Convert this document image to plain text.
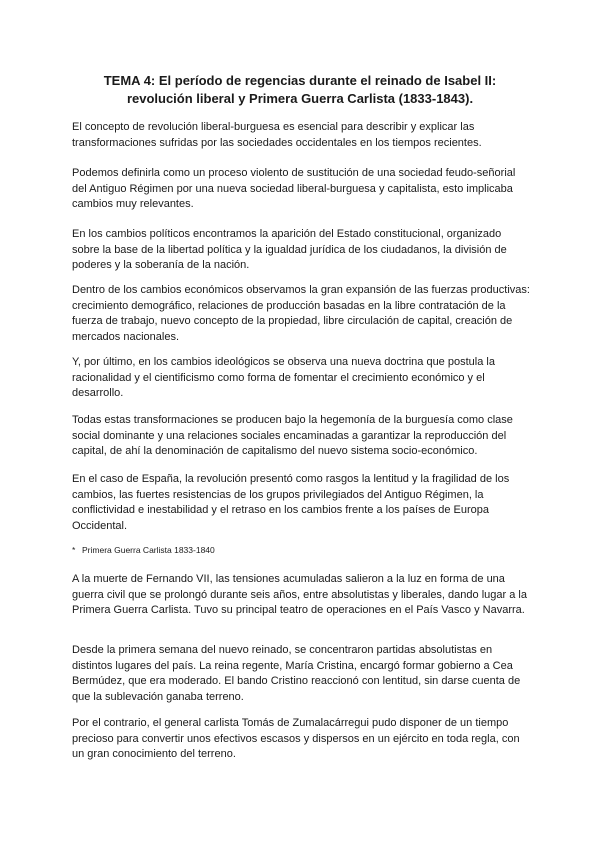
TEMA 4: El período de regencias durante el reinado de Isabel II: revolución liberal y Primera Guerra Carlista (1833-1843).

El concepto de revolución liberal-burguesa es esencial para describir y explicar las transformaciones sufridas por las sociedades occidentales en los tiempos recientes.

Podemos definirla como un proceso violento de sustitución de una sociedad feudo-señorial del Antiguo Régimen por una nueva sociedad liberal-burguesa y capitalista, esto implicaba cambios muy relevantes.

En los cambios políticos encontramos la aparición del Estado constitucional, organizado sobre la base de la libertad política y la igualdad jurídica de los ciudadanos, la división de poderes y la soberanía de la nación.

Dentro de los cambios económicos observamos la gran expansión de las fuerzas productivas: crecimiento demográfico, relaciones de producción basadas en la libre contratación de la fuerza de trabajo, nuevo concepto de la propiedad, libre circulación de capital, creación de mercados nacionales.

Y, por último, en los cambios ideológicos se observa una nueva doctrina que postula la racionalidad y el cientificismo como forma de fomentar el crecimiento económico y el desarrollo.

Todas estas transformaciones se producen bajo la hegemonía de la burguesía como clase social dominante y una relaciones sociales encaminadas a garantizar la reproducción del capital, de ahí la denominación de capitalismo del nuevo sistema socio-económico.

En el caso de España, la revolución presentó como rasgos la lentitud y la fragilidad de los cambios, las fuertes resistencias de los grupos privilegiados del Antiguo Régimen, la conflictividad e inestabilidad y el retraso en los cambios frente a los países de Europa Occidental.

* Primera Guerra Carlista 1833-1840

A la muerte de Fernando VII, las tensiones acumuladas salieron a la luz en forma de una guerra civil que se prolongó durante seis años, entre absolutistas y liberales, dando lugar a la Primera Guerra Carlista. Tuvo su principal teatro de operaciones en el País Vasco y Navarra.

Desde la primera semana del nuevo reinado, se concentraron partidas absolutistas en distintos lugares del país. La reina regente, María Cristina, encargó formar gobierno a Cea Bermúdez, que era moderado. El bando Cristino reaccionó con lentitud, sin darse cuenta de que la sublevación ganaba terreno.

Por el contrario, el general carlista Tomás de Zumalacárregui pudo disponer de un tiempo precioso para convertir unos efectivos escasos y dispersos en un ejército en toda regla, con un gran conocimiento del terreno.
